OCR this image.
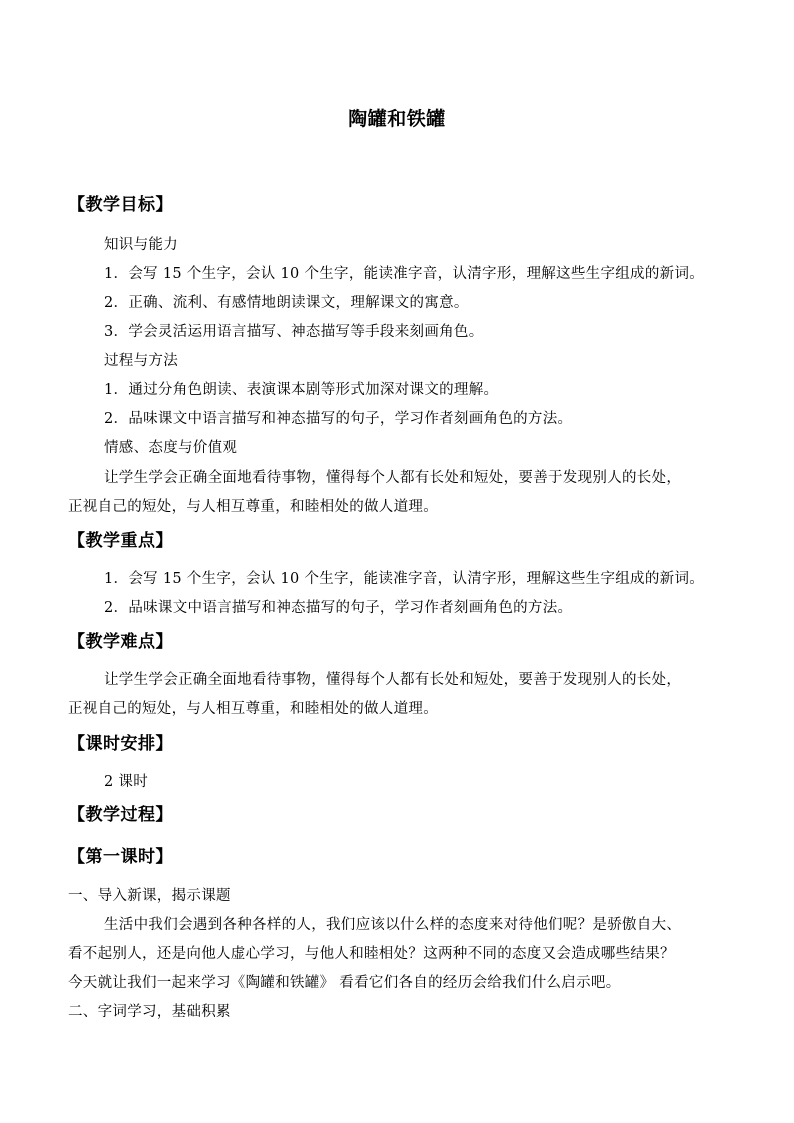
陶罐和铁罐
【教学目标】
知识与能力
1．会写 15 个生字，会认 10 个生字，能读准字音，认清字形，理解这些生字组成的新词。
2．正确、流利、有感情地朗读课文，理解课文的寓意。
3．学会灵活运用语言描写、神态描写等手段来刻画角色。
过程与方法
1．通过分角色朗读、表演课本剧等形式加深对课文的理解。
2．品味课文中语言描写和神态描写的句子，学习作者刻画角色的方法。
情感、态度与价值观
让学生学会正确全面地看待事物，懂得每个人都有长处和短处，要善于发现别人的长处，
正视自己的短处，与人相互尊重，和睦相处的做人道理。
【教学重点】
1．会写 15 个生字，会认 10 个生字，能读准字音，认清字形，理解这些生字组成的新词。
2．品味课文中语言描写和神态描写的句子，学习作者刻画角色的方法。
【教学难点】
让学生学会正确全面地看待事物，懂得每个人都有长处和短处，要善于发现别人的长处，
正视自己的短处，与人相互尊重，和睦相处的做人道理。
【课时安排】
2 课时
【教学过程】
【第一课时】
一、导入新课，揭示课题
生活中我们会遇到各种各样的人，我们应该以什么样的态度来对待他们呢？是骄傲自大、
看不起别人，还是向他人虚心学习，与他人和睦相处？这两种不同的态度又会造成哪些结果？
今天就让我们一起来学习《陶罐和铁罐》 看看它们各自的经历会给我们什么启示吧。
二、字词学习，基础积累
